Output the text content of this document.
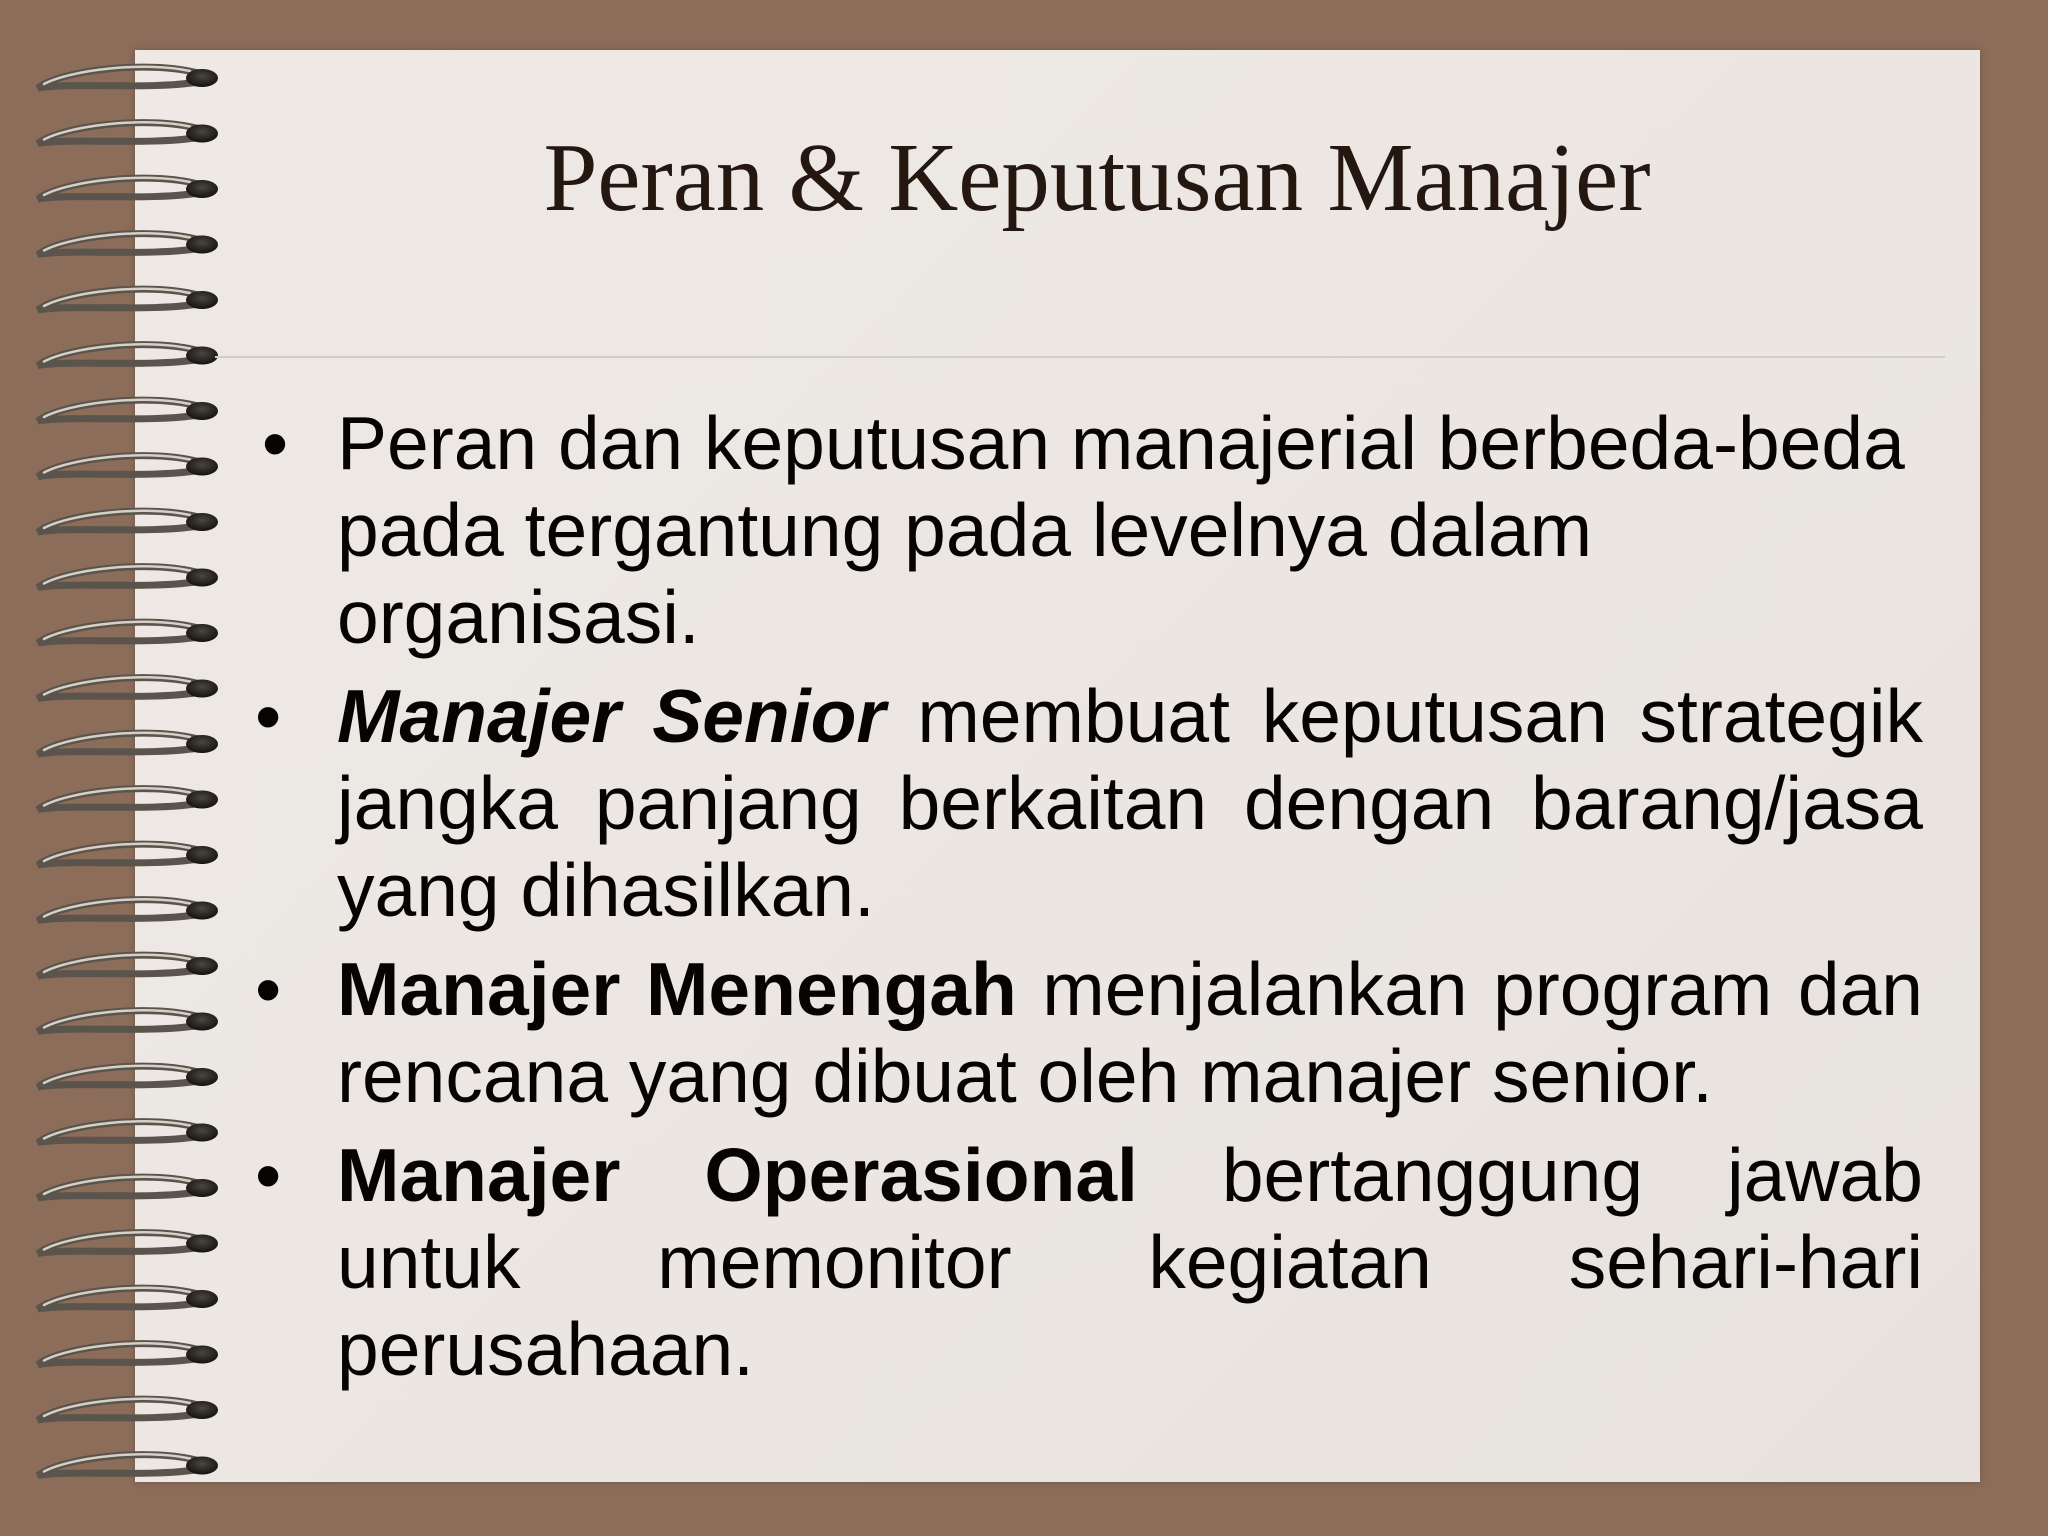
Peran & Keputusan Manajer
• Peran dan keputusan manajerial berbeda-beda pada tergantung pada levelnya dalam organisasi.
• Manajer Senior membuat keputusan strategik jangka panjang berkaitan dengan barang/jasa yang dihasilkan.
• Manajer Menengah menjalankan program dan rencana yang dibuat oleh manajer senior.
• Manajer Operasional bertanggung jawab untuk memonitor kegiatan sehari-hari perusahaan.
